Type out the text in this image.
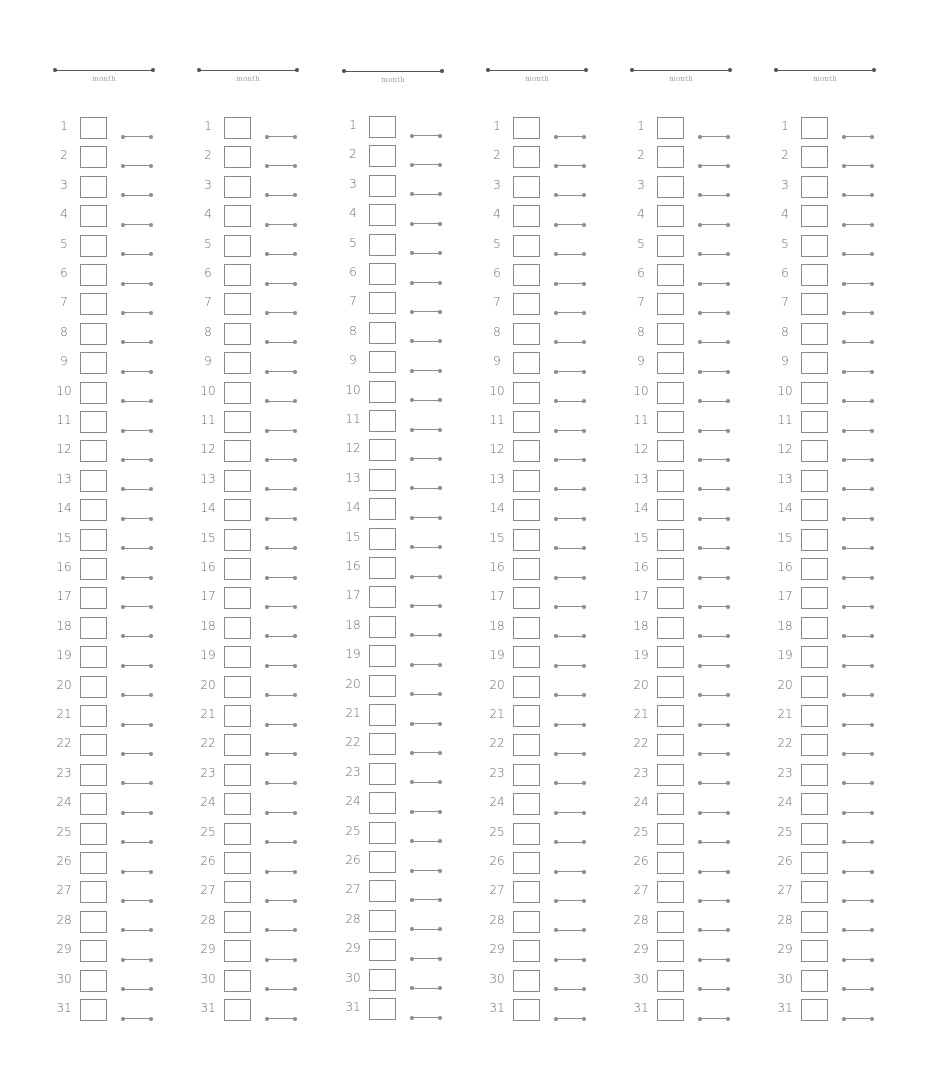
month
1
2
3
4
5
6
7
8
9
10
11
12
13
14
15
16
17
18
19
20
21
22
23
24
25
26
27
28
29
30
31
month
1
2
3
4
5
6
7
8
9
10
11
12
13
14
15
16
17
18
19
20
21
22
23
24
25
26
27
28
29
30
31
month
1
2
3
4
5
6
7
8
9
10
11
12
13
14
15
16
17
18
19
20
21
22
23
24
25
26
27
28
29
30
31
month
1
2
3
4
5
6
7
8
9
10
11
12
13
14
15
16
17
18
19
20
21
22
23
24
25
26
27
28
29
30
31
month
1
2
3
4
5
6
7
8
9
10
11
12
13
14
15
16
17
18
19
20
21
22
23
24
25
26
27
28
29
30
31
month
1
2
3
4
5
6
7
8
9
10
11
12
13
14
15
16
17
18
19
20
21
22
23
24
25
26
27
28
29
30
31
